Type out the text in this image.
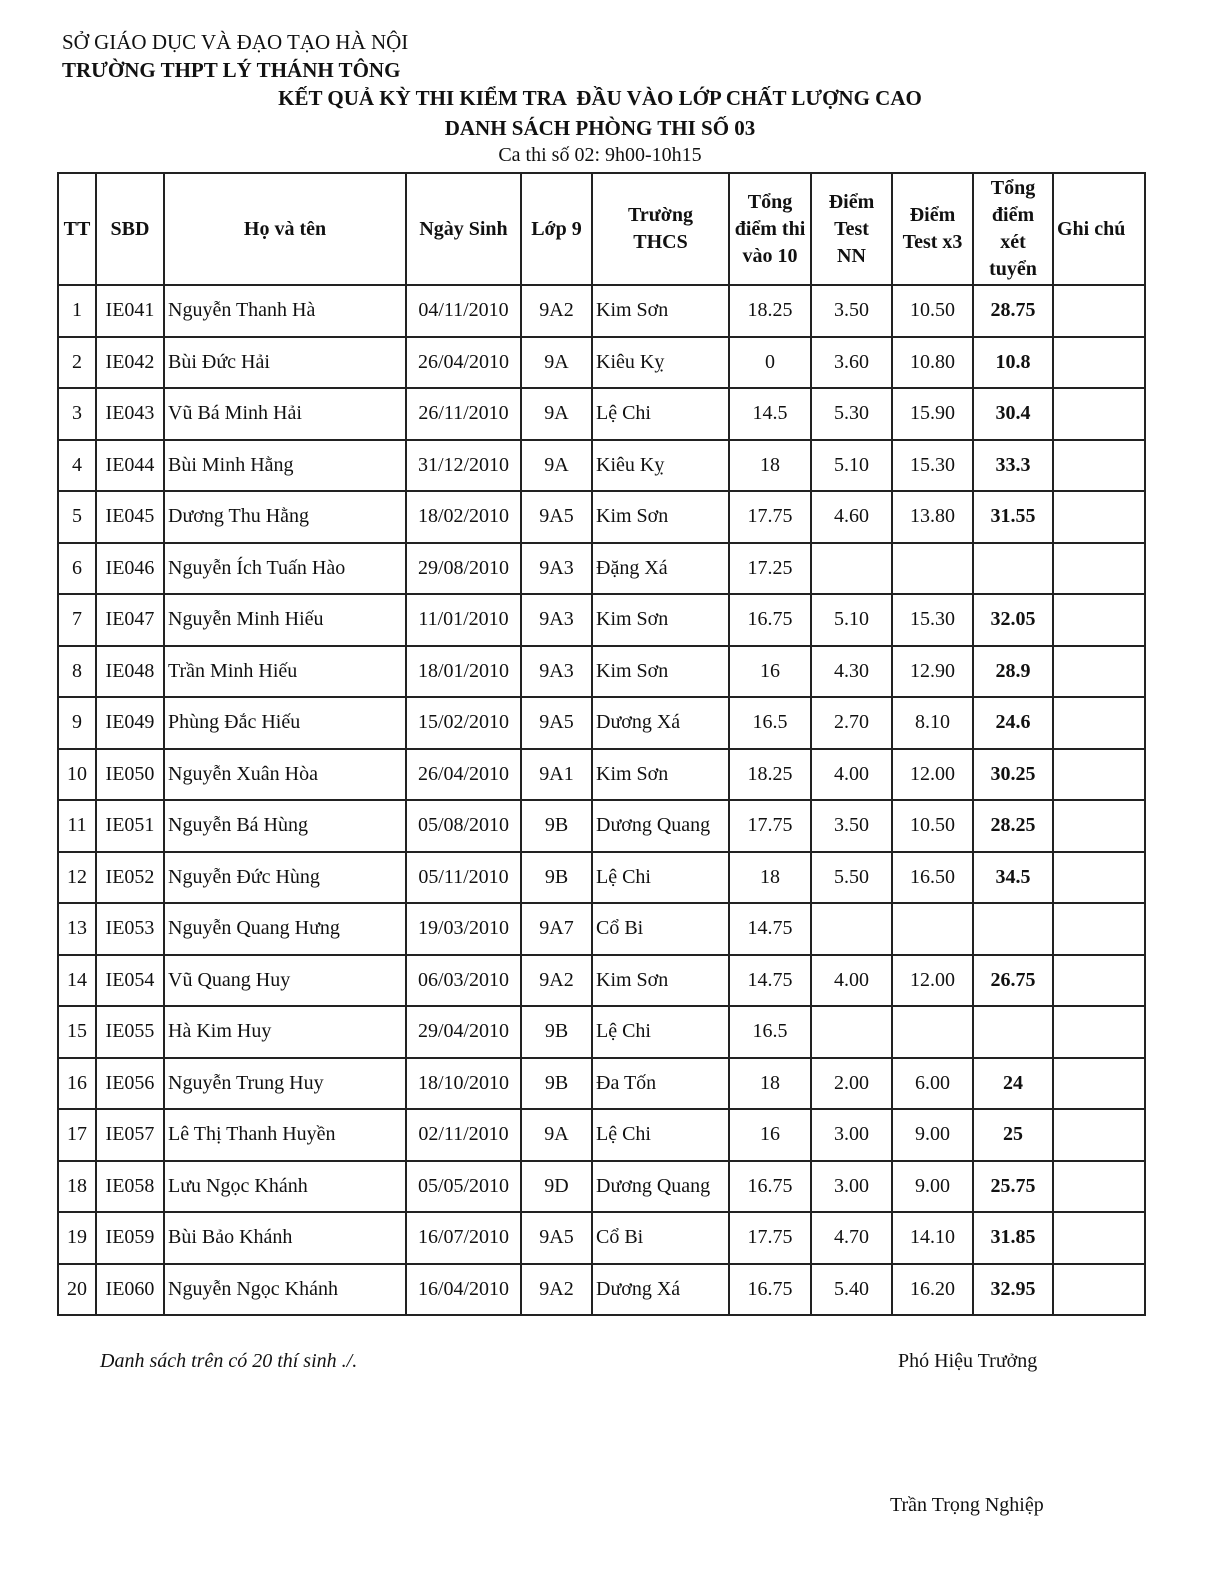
SỞ GIÁO DỤC VÀ ĐẠO TẠO HÀ NỘI
TRƯỜNG THPT LÝ THÁNH TÔNG
KẾT QUẢ KỲ THI KIỂM TRA  ĐẦU VÀO LỚP CHẤT LƯỢNG CAO
DANH SÁCH PHÒNG THI SỐ 03
Ca thi số 02: 9h00-10h15
TT	SBD	Họ và tên	Ngày Sinh	Lớp 9	Trường THCS	Tổng điểm thi vào 10	Điểm Test NN	Điểm Test x3	Tổng điểm xét tuyển	Ghi chú
1	IE041	Nguyễn Thanh Hà	04/11/2010	9A2	Kim Sơn	18.25	3.50	10.50	28.75	
2	IE042	Bùi Đức Hải	26/04/2010	9A	Kiêu Kỵ	0	3.60	10.80	10.8	
3	IE043	Vũ Bá Minh Hải	26/11/2010	9A	Lệ Chi	14.5	5.30	15.90	30.4	
4	IE044	Bùi Minh Hằng	31/12/2010	9A	Kiêu Kỵ	18	5.10	15.30	33.3	
5	IE045	Dương Thu Hằng	18/02/2010	9A5	Kim Sơn	17.75	4.60	13.80	31.55	
6	IE046	Nguyễn Ích Tuấn Hào	29/08/2010	9A3	Đặng Xá	17.25				
7	IE047	Nguyễn Minh Hiếu	11/01/2010	9A3	Kim Sơn	16.75	5.10	15.30	32.05	
8	IE048	Trần Minh Hiếu	18/01/2010	9A3	Kim Sơn	16	4.30	12.90	28.9	
9	IE049	Phùng Đắc Hiếu	15/02/2010	9A5	Dương Xá	16.5	2.70	8.10	24.6	
10	IE050	Nguyễn Xuân Hòa	26/04/2010	9A1	Kim Sơn	18.25	4.00	12.00	30.25	
11	IE051	Nguyễn Bá Hùng	05/08/2010	9B	Dương Quang	17.75	3.50	10.50	28.25	
12	IE052	Nguyễn Đức Hùng	05/11/2010	9B	Lệ Chi	18	5.50	16.50	34.5	
13	IE053	Nguyễn Quang Hưng	19/03/2010	9A7	Cổ Bi	14.75				
14	IE054	Vũ Quang Huy	06/03/2010	9A2	Kim Sơn	14.75	4.00	12.00	26.75	
15	IE055	Hà Kim Huy	29/04/2010	9B	Lệ Chi	16.5				
16	IE056	Nguyễn Trung Huy	18/10/2010	9B	Đa Tốn	18	2.00	6.00	24	
17	IE057	Lê Thị Thanh Huyền	02/11/2010	9A	Lệ Chi	16	3.00	9.00	25	
18	IE058	Lưu Ngọc Khánh	05/05/2010	9D	Dương Quang	16.75	3.00	9.00	25.75	
19	IE059	Bùi Bảo Khánh	16/07/2010	9A5	Cổ Bi	17.75	4.70	14.10	31.85	
20	IE060	Nguyễn Ngọc Khánh	16/04/2010	9A2	Dương Xá	16.75	5.40	16.20	32.95	
Danh sách trên có 20 thí sinh ./.	Phó Hiệu Trưởng
Trần Trọng Nghiệp
